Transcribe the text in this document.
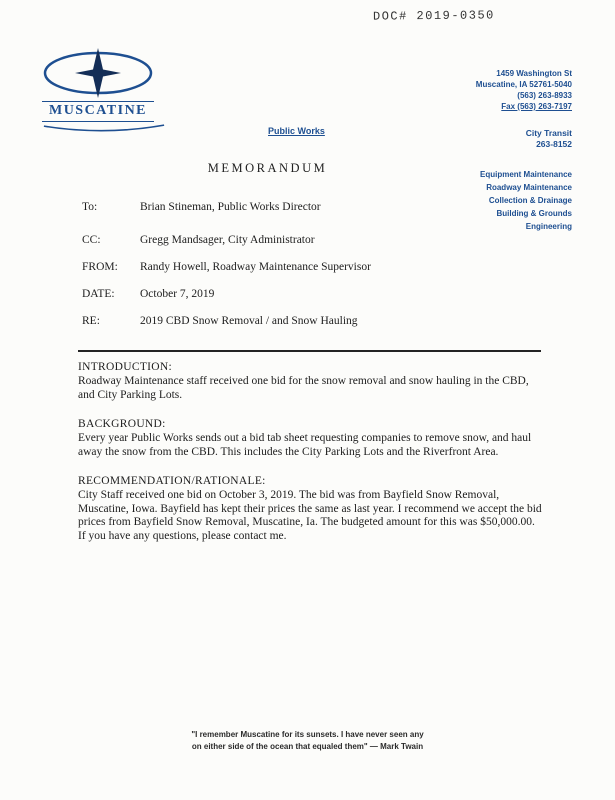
DOC# 2019-0350
MUSCATINE
1459 Washington St
Muscatine, IA 52761-5040
(563) 263-8933
Fax (563) 263-7197
Public Works	City Transit
263-8152
MEMORANDUM	Equipment Maintenance
Roadway Maintenance
Collection & Drainage
Building & Grounds
Engineering
To:	Brian Stineman, Public Works Director
CC:	Gregg Mandsager, City Administrator
FROM:	Randy Howell, Roadway Maintenance Supervisor
DATE:	October 7, 2019
RE:	2019 CBD Snow Removal / and Snow Hauling
INTRODUCTION:
Roadway Maintenance staff received one bid for the snow removal and snow hauling in the CBD, and City Parking Lots.
BACKGROUND:
Every year Public Works sends out a bid tab sheet requesting companies to remove snow, and haul away the snow from the CBD. This includes the City Parking Lots and the Riverfront Area.
RECOMMENDATION/RATIONALE:
City Staff received one bid on October 3, 2019. The bid was from Bayfield Snow Removal, Muscatine, Iowa. Bayfield has kept their prices the same as last year. I recommend we accept the bid prices from Bayfield Snow Removal, Muscatine, Ia. The budgeted amount for this was $50,000.00. If you have any questions, please contact me.
"I remember Muscatine for its sunsets. I have never seen any
on either side of the ocean that equaled them" — Mark Twain
